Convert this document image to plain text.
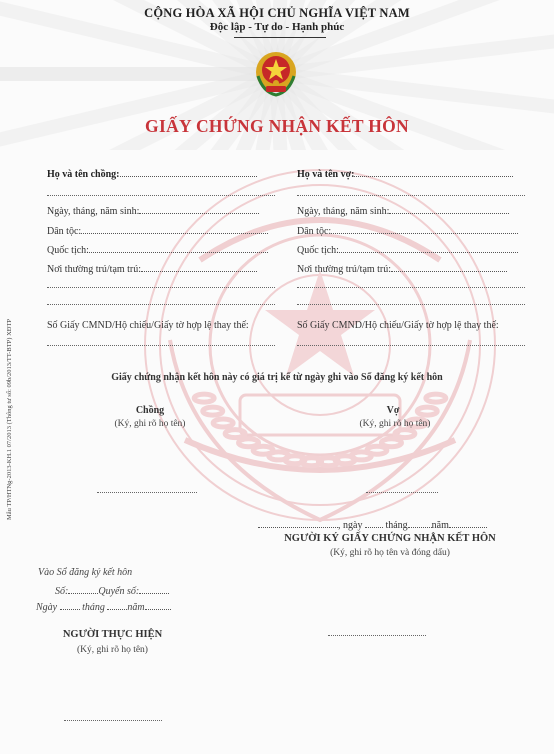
CỘNG HÒA XÃ HỘI CHỦ NGHĨA VIỆT NAM
Độc lập - Tự do - Hạnh phúc
GIẤY CHỨNG NHẬN KẾT HÔN
Họ và tên chồng:
Ngày, tháng, năm sinh:
Dân tộc:
Quốc tịch:
Nơi thường trú/tạm trú:
Số Giấy CMND/Hộ chiếu/Giấy tờ hợp lệ thay thế:
Họ và tên vợ:
Ngày, tháng, năm sinh:
Dân tộc:
Quốc tịch:
Nơi thường trú/tạm trú:
Số Giấy CMND/Hộ chiếu/Giấy tờ hợp lệ thay thế:
Giấy chứng nhận kết hôn này có giá trị kể từ ngày ghi vào Sổ đăng ký kết hôn
Chồng
(Ký, ghi rõ họ tên)
Vợ
(Ký, ghi rõ họ tên)
, ngày tháng năm
NGƯỜI KÝ GIẤY CHỨNG NHẬN KẾT HÔN
(Ký, ghi rõ họ tên và đóng dấu)
Vào Sổ đăng ký kết hôn
Số:	Quyển số:
Ngày	tháng năm
NGƯỜI THỰC HIỆN
(Ký, ghi rõ họ tên)
Mẫu TP/HTNg-2013-KH.1 07/2013 (Thông tư số: 09b/2013/TT-BTP) XĐTP
